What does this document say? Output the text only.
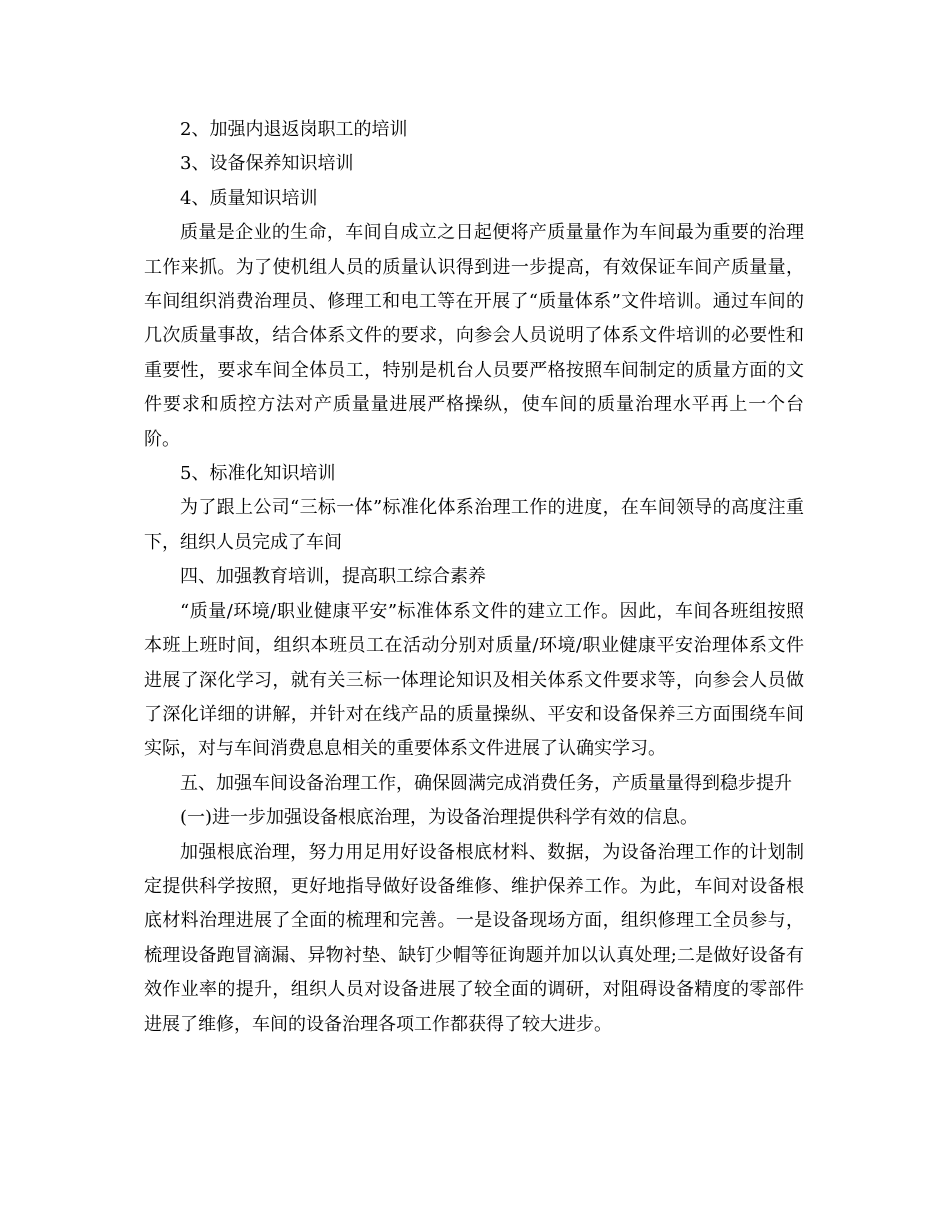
2、加强内退返岗职工的培训

3、设备保养知识培训

4、质量知识培训

质量是企业的生命，车间自成立之日起便将产质量量作为车间最为重要的治理工作来抓。为了使机组人员的质量认识得到进一步提高，有效保证车间产质量量，车间组织消费治理员、修理工和电工等在开展了“质量体系”文件培训。通过车间的几次质量事故，结合体系文件的要求，向参会人员说明了体系文件培训的必要性和重要性，要求车间全体员工，特别是机台人员要严格按照车间制定的质量方面的文件要求和质控方法对产质量量进展严格操纵，使车间的质量治理水平再上一个台阶。

5、标准化知识培训

为了跟上公司“三标一体”标准化体系治理工作的进度，在车间领导的高度注重下，组织人员完成了车间

四、加强教育培训，提高职工综合素养

“质量/环境/职业健康平安”标准体系文件的建立工作。因此，车间各班组按照本班上班时间，组织本班员工在活动分别对质量/环境/职业健康平安治理体系文件进展了深化学习，就有关三标一体理论知识及相关体系文件要求等，向参会人员做了深化详细的讲解，并针对在线产品的质量操纵、平安和设备保养三方面围绕车间实际，对与车间消费息息相关的重要体系文件进展了认确实学习。

五、加强车间设备治理工作，确保圆满完成消费任务，产质量量得到稳步提升

(一)进一步加强设备根底治理，为设备治理提供科学有效的信息。

加强根底治理，努力用足用好设备根底材料、数据，为设备治理工作的计划制定提供科学按照，更好地指导做好设备维修、维护保养工作。为此，车间对设备根底材料治理进展了全面的梳理和完善。一是设备现场方面，组织修理工全员参与，梳理设备跑冒滴漏、异物衬垫、缺钉少帽等征询题并加以认真处理;二是做好设备有效作业率的提升，组织人员对设备进展了较全面的调研，对阻碍设备精度的零部件进展了维修，车间的设备治理各项工作都获得了较大进步。
